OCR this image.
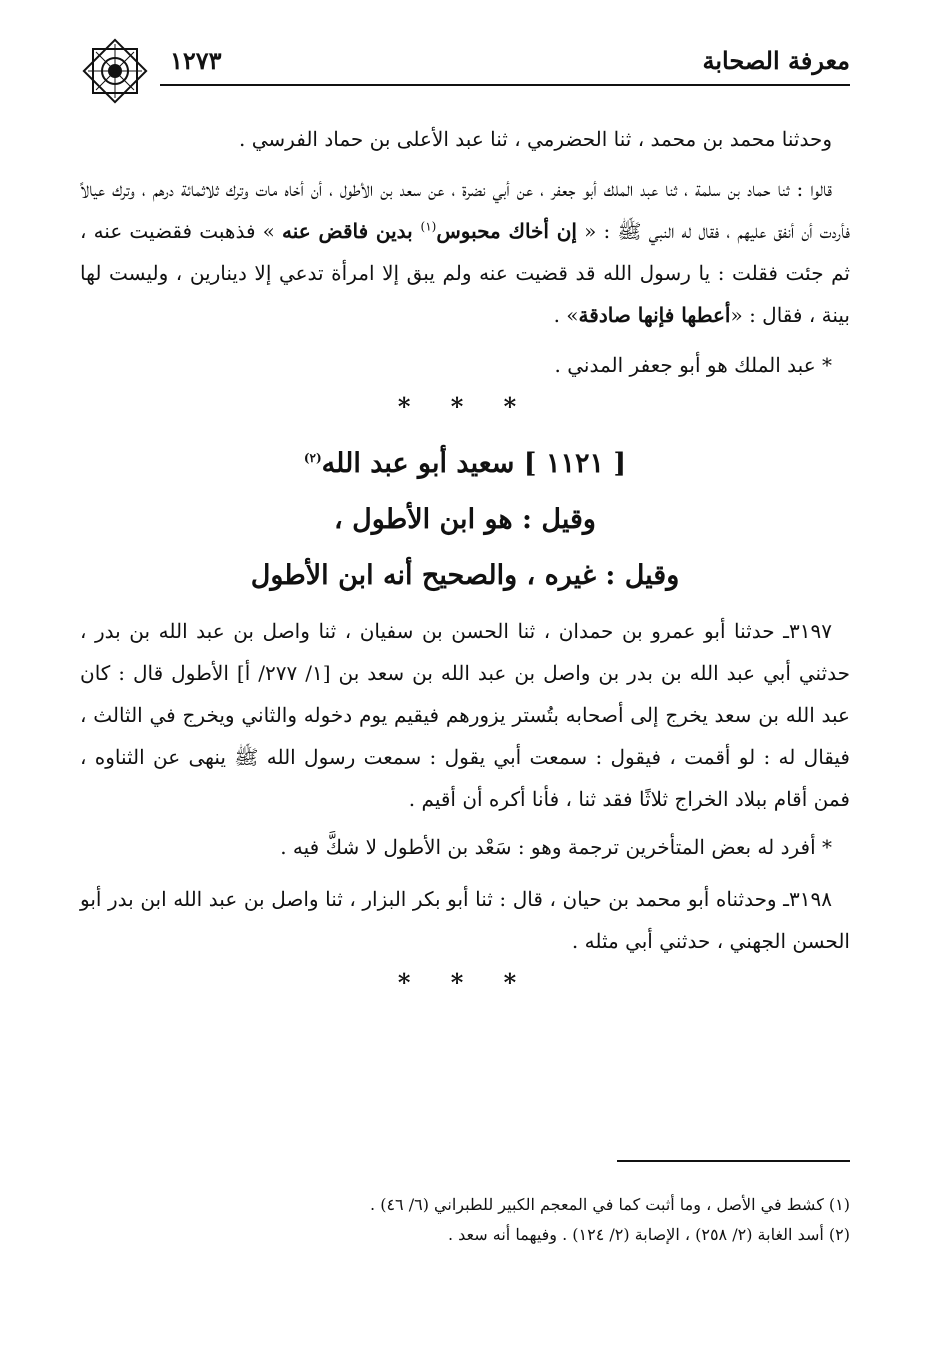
١٢٧٣	معرفة الصحابة

وحدثنا محمد بن محمد ، ثنا الحضرمي ، ثنا عبد الأعلى بن حماد الفرسي .

قالوا : ثنا حماد بن سلمة ، ثنا عبد الملك أبو جعفر ، عن أبي نضرة ، عن سعد بن الأطول ، أن أخاه مات وترك ثلاثمائة درهم ، وترك عيالاً فأردت أن أنفق عليهم ، فقال له النبي ﷺ : « إن أخاك محبوس$^{(١)}$ بدين فاقض عنه » فذهبت فقضيت عنه ، ثم جئت فقلت : يا رسول الله قد قضيت عنه ولم يبق إلا امرأة تدعي إلا دينارين ، وليست لها بينة ، فقال : «أعطها فإنها صادقة» .

* عبد الملك هو أبو جعفر المدني .

* * *
[ ١١٢١ ] سعيد أبو عبد الله$^{(٢)}$
وقيل : هو ابن الأطول ،
وقيل : غيره ، والصحيح أنه ابن الأطول

٣١٩٧ـ حدثنا أبو عمرو بن حمدان ، ثنا الحسن بن سفيان ، ثنا واصل بن عبد الله بن بدر ، حدثني أبي عبد الله بن بدر بن واصل بن عبد الله بن سعد بن [١/ ٢٧٧/ أ] الأطول قال : كان عبد الله بن سعد يخرج إلى أصحابه بتُستر يزورهم فيقيم يوم دخوله والثاني ويخرج في الثالث ، فيقال له : لو أقمت ، فيقول : سمعت أبي يقول : سمعت رسول الله ﷺ ينهى عن الثناوه ، فمن أقام ببلاد الخراج ثلاثًا فقد ثنا ، فأنا أكره أن أقيم .

* أفرد له بعض المتأخرين ترجمة وهو : سَعْد بن الأطول لا شكَّ فيه .

٣١٩٨ـ وحدثناه أبو محمد بن حيان ، قال : ثنا أبو بكر البزار ، ثنا واصل بن عبد الله ابن بدر أبو الحسن الجهني ، حدثني أبي مثله .

* * *
(١) كشط في الأصل ، وما أثبت كما في المعجم الكبير للطبراني (٦/ ٤٦) .
(٢) أسد الغابة (٢/ ٢٥٨) ، الإصابة (٢/ ١٢٤) . وفيهما أنه سعد .
